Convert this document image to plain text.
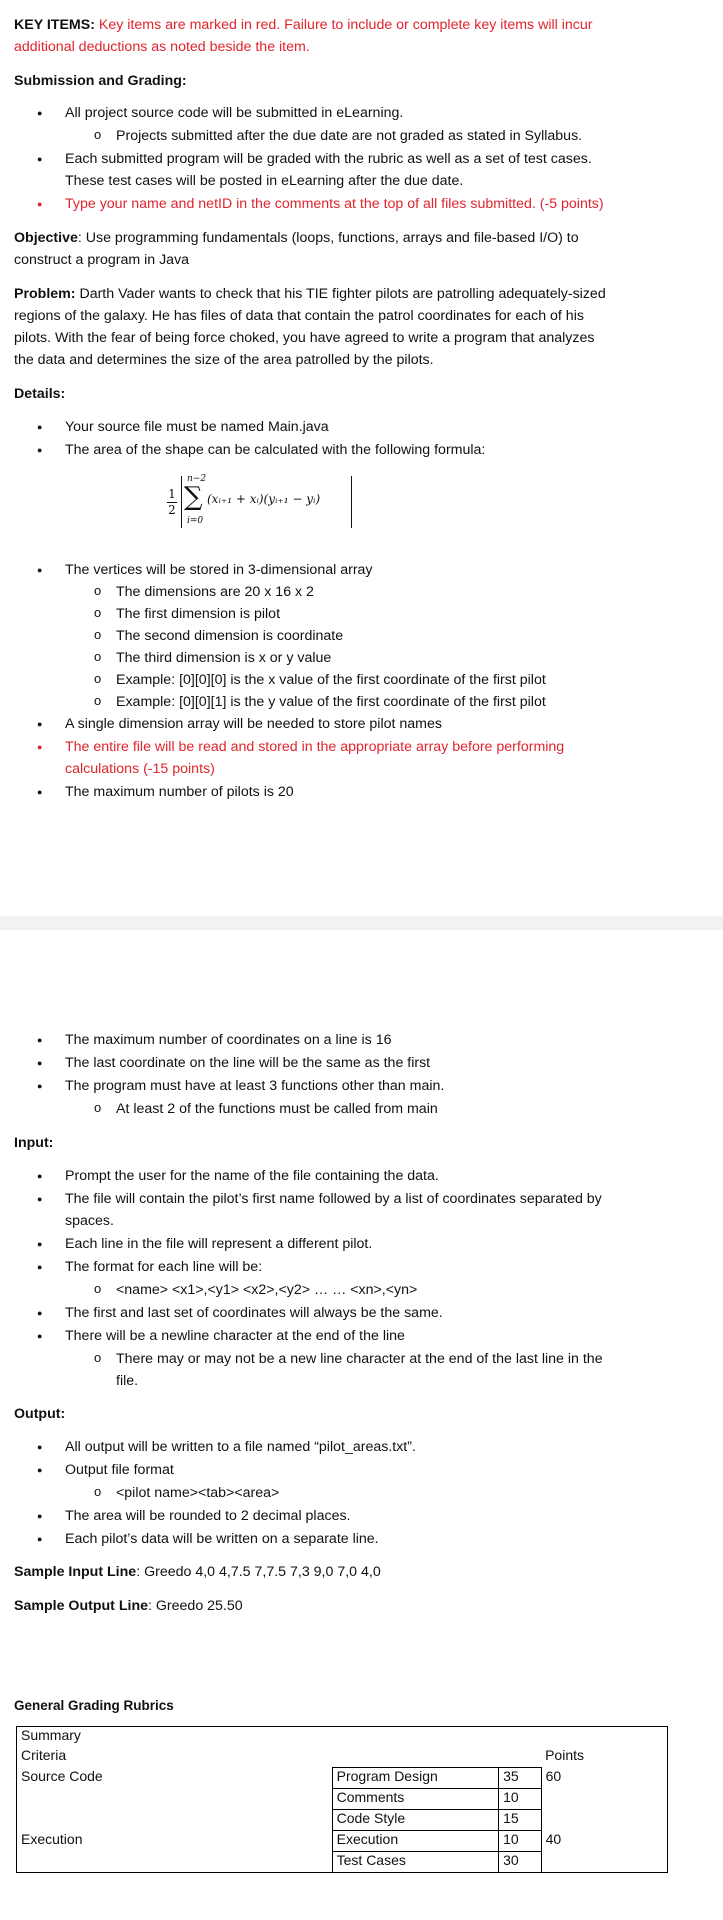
KEY ITEMS: Key items are marked in red. Failure to include or complete key items will incur
additional deductions as noted beside the item.
Submission and Grading:
● All project source code will be submitted in eLearning.
o Projects submitted after the due date are not graded as stated in Syllabus.
● Each submitted program will be graded with the rubric as well as a set of test cases.
These test cases will be posted in eLearning after the due date.
● Type your name and netID in the comments at the top of all files submitted. (-5 points)
Objective: Use programming fundamentals (loops, functions, arrays and file-based I/O) to
construct a program in Java
Problem: Darth Vader wants to check that his TIE fighter pilots are patrolling adequately-sized
regions of the galaxy. He has files of data that contain the patrol coordinates for each of his
pilots. With the fear of being force choked, you have agreed to write a program that analyzes
the data and determines the size of the area patrolled by the pilots.
Details:
● Your source file must be named Main.java
● The area of the shape can be calculated with the following formula:
1
2
n−2
∑
i=0
(xᵢ₊₁ + xᵢ)(yᵢ₊₁ − yᵢ)
● The vertices will be stored in 3-dimensional array
o The dimensions are 20 x 16 x 2
o The first dimension is pilot
o The second dimension is coordinate
o The third dimension is x or y value
o Example: [0][0][0] is the x value of the first coordinate of the first pilot
o Example: [0][0][1] is the y value of the first coordinate of the first pilot
● A single dimension array will be needed to store pilot names
● The entire file will be read and stored in the appropriate array before performing
calculations (-15 points)
● The maximum number of pilots is 20
● The maximum number of coordinates on a line is 16
● The last coordinate on the line will be the same as the first
● The program must have at least 3 functions other than main.
o At least 2 of the functions must be called from main
Input:
● Prompt the user for the name of the file containing the data.
● The file will contain the pilot’s first name followed by a list of coordinates separated by
spaces.
● Each line in the file will represent a different pilot.
● The format for each line will be:
o <name> <x1>,<y1> <x2>,<y2> … … <xn>,<yn>
● The first and last set of coordinates will always be the same.
● There will be a newline character at the end of the line
o There may or may not be a new line character at the end of the last line in the
file.
Output:
● All output will be written to a file named “pilot_areas.txt”.
● Output file format
o <pilot name><tab><area>
● The area will be rounded to 2 decimal places.
● Each pilot’s data will be written on a separate line.
Sample Input Line: Greedo 4,0 4,7.5 7,7.5 7,3 9,0 7,0 4,0
Sample Output Line: Greedo 25.50
General Grading Rubrics
Summary				
Criteria				Points
Source Code		Program Design	35	60
		Comments	10	
		Code Style	15	
Execution		Execution	10	40
		Test Cases	30	
